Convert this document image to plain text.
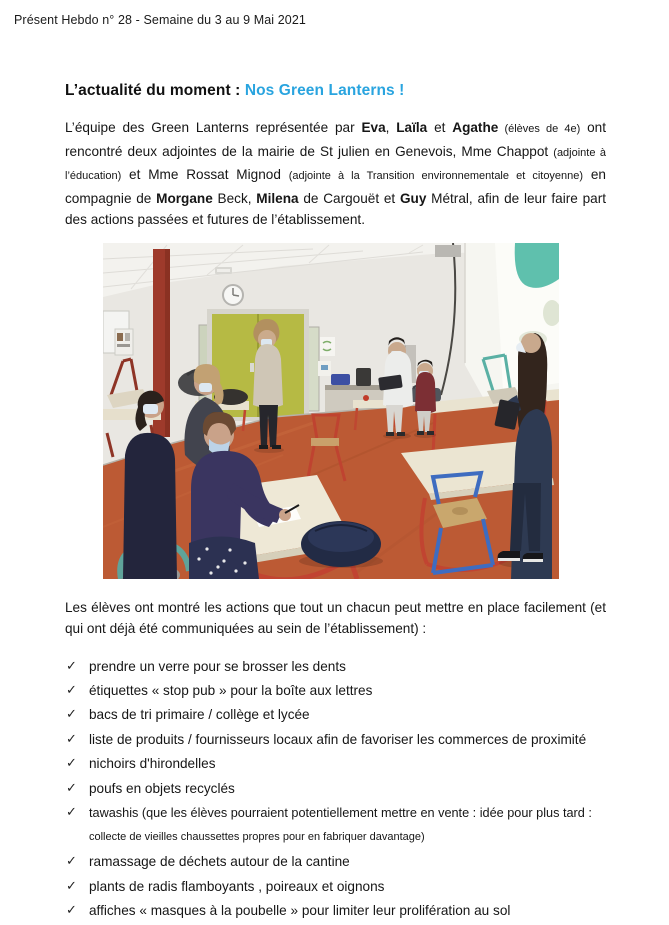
Présent Hebdo n° 28 - Semaine du 3 au 9 Mai 2021
L’actualité du moment : Nos Green Lanterns !

L’équipe des Green Lanterns représentée par Eva, Laïla et Agathe (élèves de 4e) ont rencontré deux adjointes de la mairie de St julien en Genevois, Mme Chappot (adjointe à l’éducation) et Mme Rossat Mignod (adjointe à la Transition environnementale et citoyenne) en compagnie de Morgane Beck, Milena de Cargouët et Guy Métral, afin de leur faire part des actions passées et futures de l’établissement.

Les élèves ont montré les actions que tout un chacun peut mettre en place facilement (et qui ont déjà été communiquées au sein de l’établissement) :

✓ prendre un verre pour se brosser les dents
✓ étiquettes « stop pub » pour la boîte aux lettres
✓ bacs de tri primaire / collège et lycée
✓ liste de produits / fournisseurs locaux afin de favoriser les commerces de proximité
✓ nichoirs d'hirondelles
✓ poufs en objets recyclés
✓ tawashis (que les élèves pourraient potentiellement mettre en vente : idée pour plus tard :
collecte de vieilles chaussettes propres pour en fabriquer davantage)
✓ ramassage de déchets autour de la cantine
✓ plants de radis flamboyants , poireaux et oignons
✓ affiches « masques à la poubelle » pour limiter leur prolifération au sol
